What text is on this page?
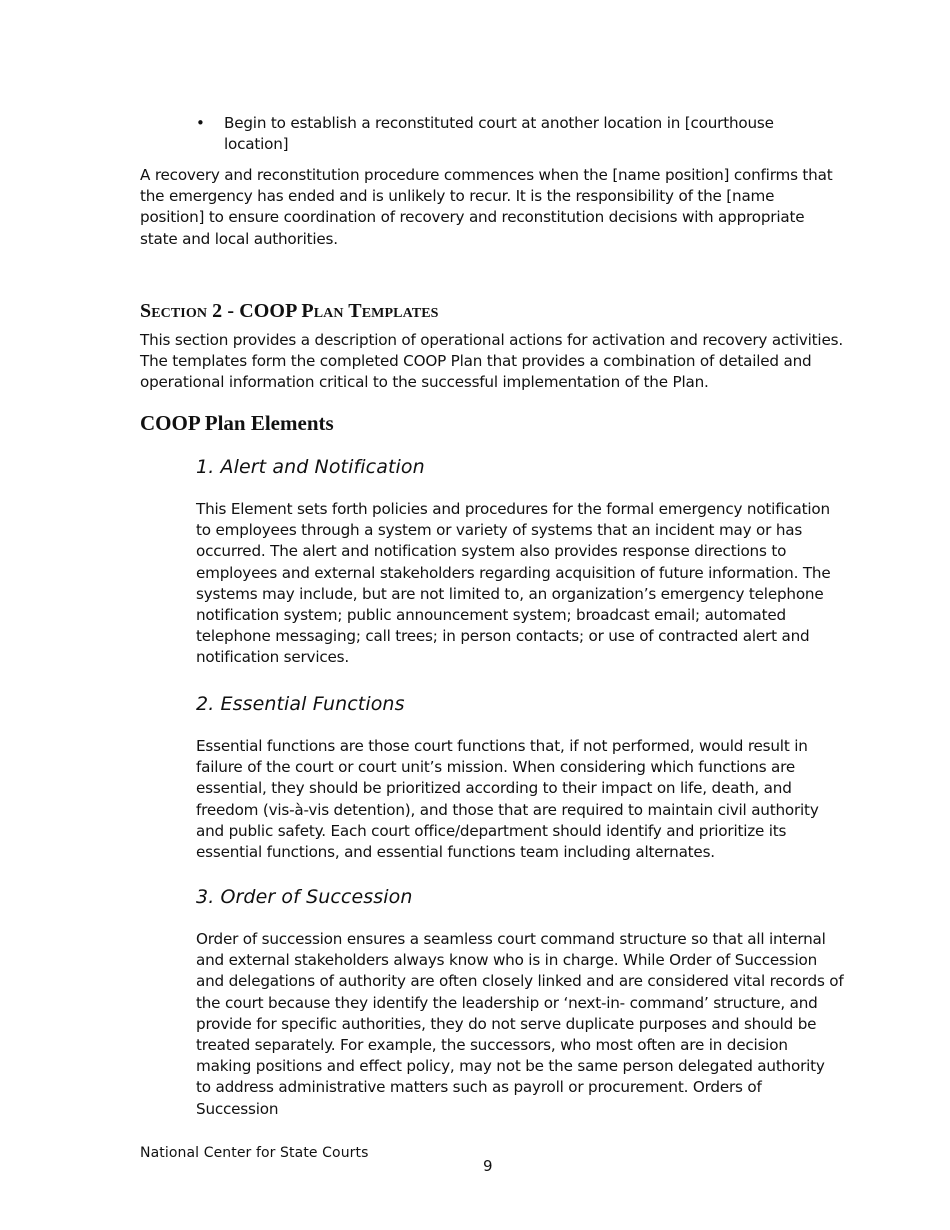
• Begin to establish a reconstituted court at another location in [courthouse location]

A recovery and reconstitution procedure commences when the [name position] confirms that the emergency has ended and is unlikely to recur. It is the responsibility of the [name position] to ensure coordination of recovery and reconstitution decisions with appropriate state and local authorities.

Section 2 - COOP Plan Templates

This section provides a description of operational actions for activation and recovery activities. The templates form the completed COOP Plan that provides a combination of detailed and operational information critical to the successful implementation of the Plan.

COOP Plan Elements
1. Alert and Notification

This Element sets forth policies and procedures for the formal emergency notification to employees through a system or variety of systems that an incident may or has occurred. The alert and notification system also provides response directions to employees and external stakeholders regarding acquisition of future information. The systems may include, but are not limited to, an organization’s emergency telephone notification system; public announcement system; broadcast email; automated telephone messaging; call trees; in person contacts; or use of contracted alert and notification services.

2. Essential Functions

Essential functions are those court functions that, if not performed, would result in failure of the court or court unit’s mission. When considering which functions are essential, they should be prioritized according to their impact on life, death, and freedom (vis-à-vis detention), and those that are required to maintain civil authority and public safety. Each court office/department should identify and prioritize its essential functions, and essential functions team including alternates.

3. Order of Succession

Order of succession ensures a seamless court command structure so that all internal and external stakeholders always know who is in charge. While Order of Succession and delegations of authority are often closely linked and are considered vital records of the court because they identify the leadership or ‘next-in- command’ structure, and provide for specific authorities, they do not serve duplicate purposes and should be treated separately. For example, the successors, who most often are in decision making positions and effect policy, may not be the same person delegated authority to address administrative matters such as payroll or procurement. Orders of Succession

National Center for State Courts

9
